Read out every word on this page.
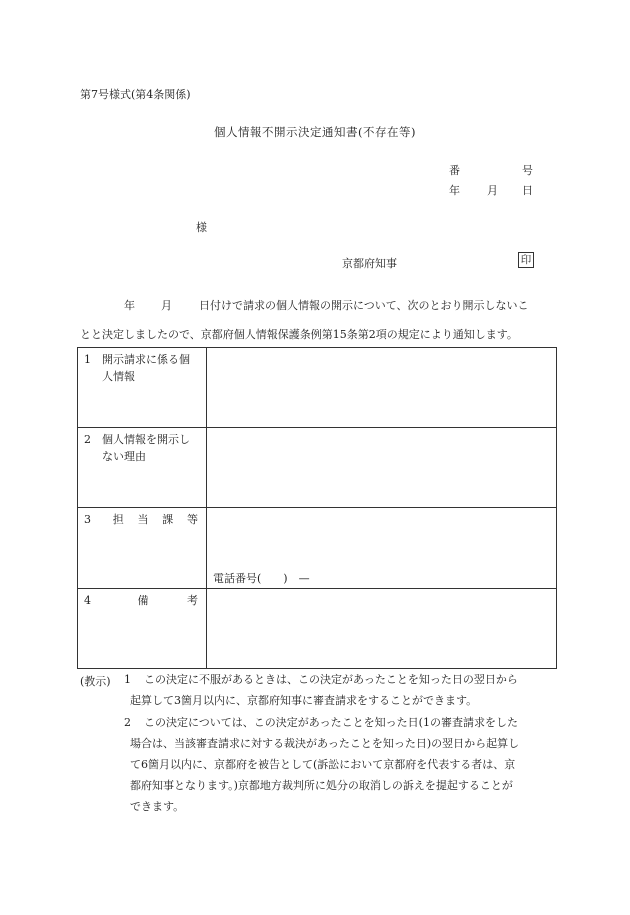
第7号様式(第4条関係)
個人情報不開示決定通知書(不存在等)
番	号
年 月 日
様
京都府知事	印
年 月 日付けで請求の個人情報の開示について、次のとおり開示しないこ
とと決定しましたので、京都府個人情報保護条例第15条第2項の規定により通知します。
1 開示請求に係る個
人情報	

2 個人情報を開示し
ない理由	

3 担 当 課 等	電話番号(　　)　—

4 備 考	

(教示) 1 この決定に不服があるときは、この決定があったことを知った日の翌日から
起算して3箇月以内に、京都府知事に審査請求をすることができます。
2 この決定については、この決定があったことを知った日(1の審査請求をした
場合は、当該審査請求に対する裁決があったことを知った日)の翌日から起算し
て6箇月以内に、京都府を被告として(訴訟において京都府を代表する者は、京
都府知事となります。)京都地方裁判所に処分の取消しの訴えを提起することが
できます。
